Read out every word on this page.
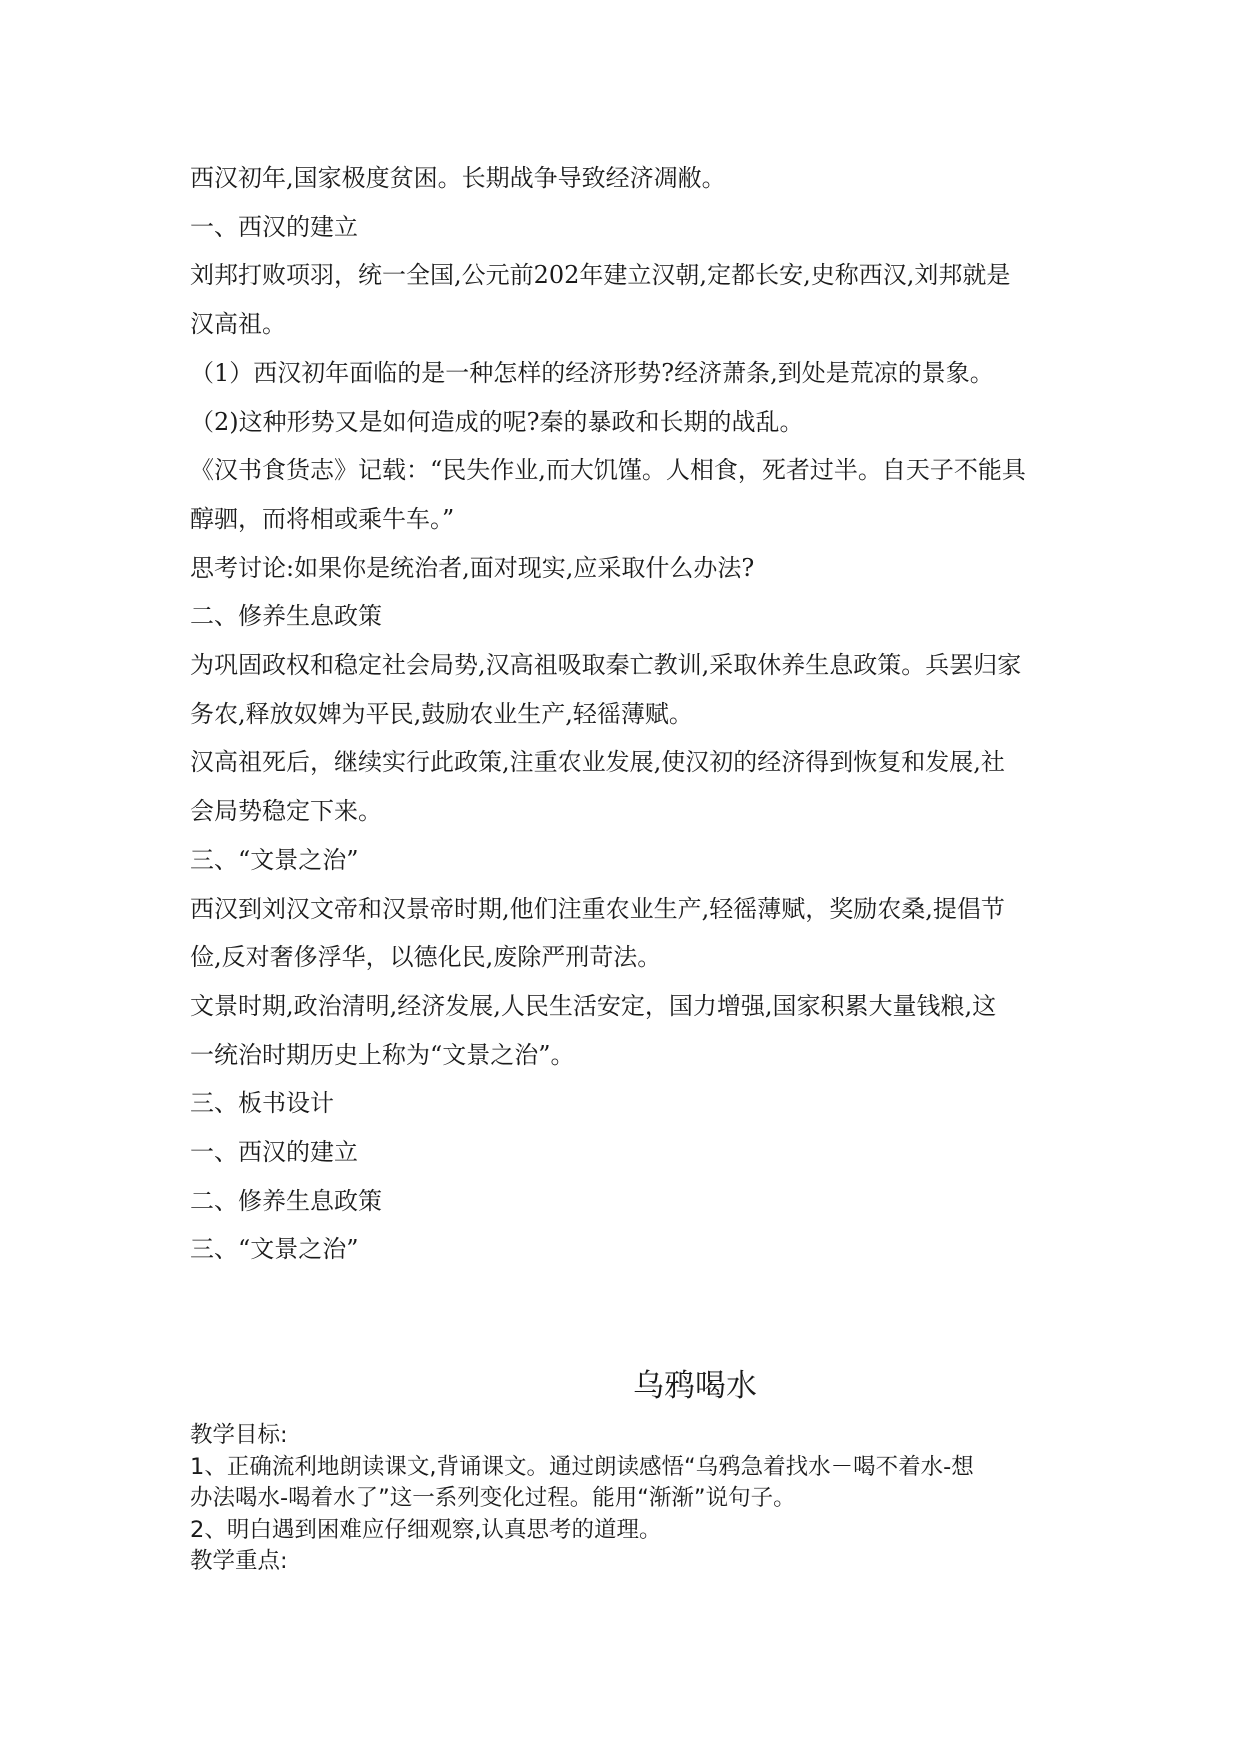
西汉初年,国家极度贫困。长期战争导致经济凋敝。

一、西汉的建立

刘邦打败项羽，统一全国,公元前202年建立汉朝,定都长安,史称西汉,刘邦就是

汉高祖。

（1）西汉初年面临的是一种怎样的经济形势?经济萧条,到处是荒凉的景象。

（2)这种形势又是如何造成的呢?秦的暴政和长期的战乱。

《汉书食货志》记载：“民失作业,而大饥馑。人相食，死者过半。自天子不能具

醇驷，而将相或乘牛车。”

思考讨论:如果你是统治者,面对现实,应采取什么办法?

二、修养生息政策

为巩固政权和稳定社会局势,汉高祖吸取秦亡教训,采取休养生息政策。兵罢归家

务农,释放奴婢为平民,鼓励农业生产,轻徭薄赋。

汉高祖死后，继续实行此政策,注重农业发展,使汉初的经济得到恢复和发展,社

会局势稳定下来。

三、“文景之治”

西汉到刘汉文帝和汉景帝时期,他们注重农业生产,轻徭薄赋，奖励农桑,提倡节

俭,反对奢侈浮华，以德化民,废除严刑苛法。

文景时期,政治清明,经济发展,人民生活安定，国力增强,国家积累大量钱粮,这

一统治时期历史上称为“文景之治”。

三、板书设计

一、西汉的建立

二、修养生息政策

三、“文景之治”

乌鸦喝水

教学目标:

1、正确流利地朗读课文,背诵课文。通过朗读感悟“乌鸦急着找水－喝不着水-想

办法喝水-喝着水了”这一系列变化过程。能用“渐渐”说句子。

2、明白遇到困难应仔细观察,认真思考的道理。

教学重点:
